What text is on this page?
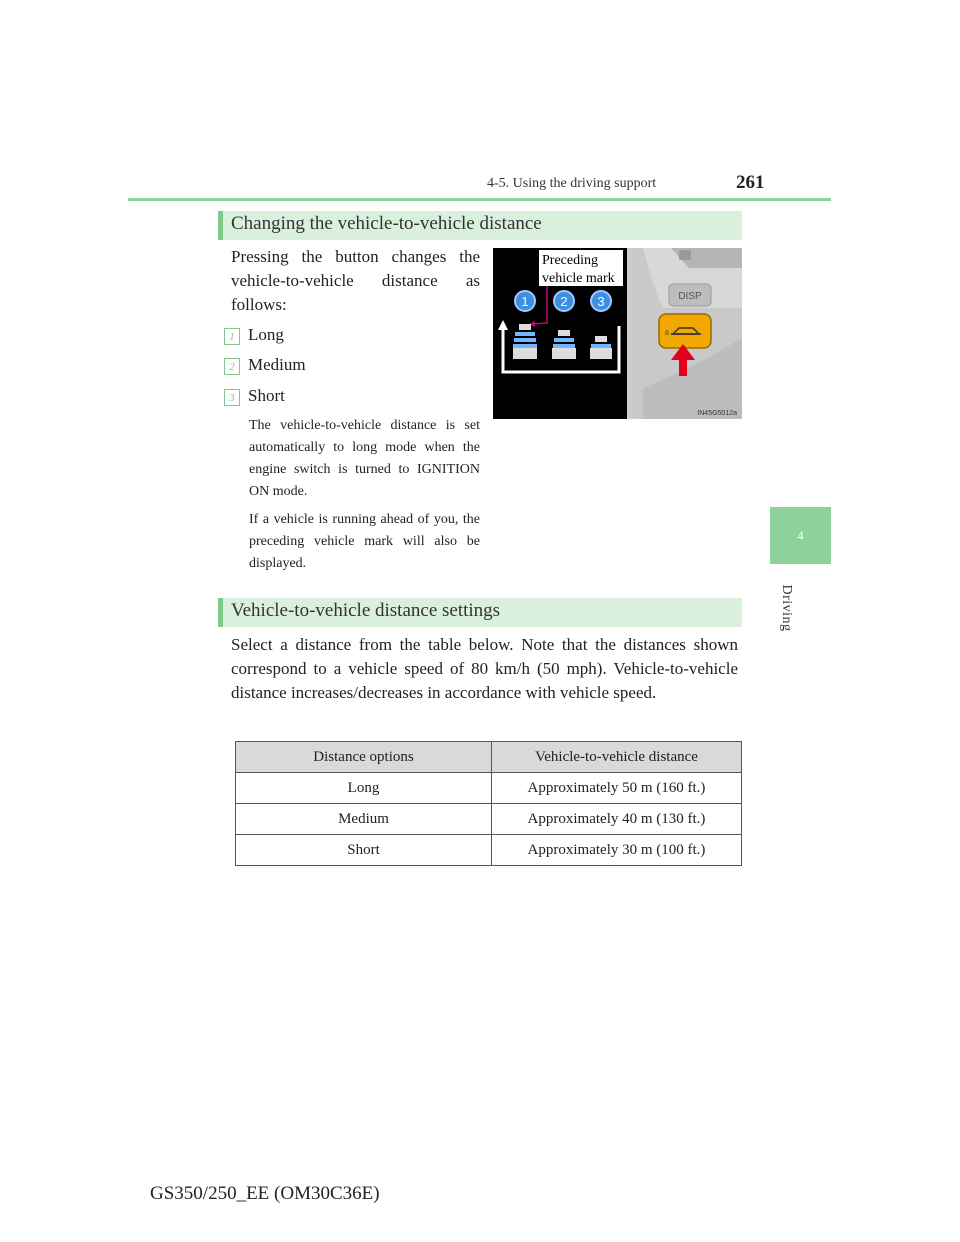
4-5. Using the driving support	261
4
Driving
Changing the vehicle-to-vehicle distance
Pressing the button changes the
vehicle-to-vehicle distance as
follows:
1 Long
2 Medium
3 Short
The vehicle-to-vehicle distance is set automatically to long mode when the engine switch is turned to IGNITION ON mode.
If a vehicle is running ahead of you, the preceding vehicle mark will also be displayed.
Preceding
vehicle mark
1 2 3	DISP
B
IN45G5012a
Vehicle-to-vehicle distance settings
Select a distance from the table below. Note that the distances shown correspond to a vehicle speed of 80 km/h (50 mph). Vehicle-to-vehicle distance increases/decreases in accordance with vehicle speed.
Distance options	Vehicle-to-vehicle distance
Long	Approximately 50 m (160 ft.)
Medium	Approximately 40 m (130 ft.)
Short	Approximately 30 m (100 ft.)
GS350/250_EE (OM30C36E)
